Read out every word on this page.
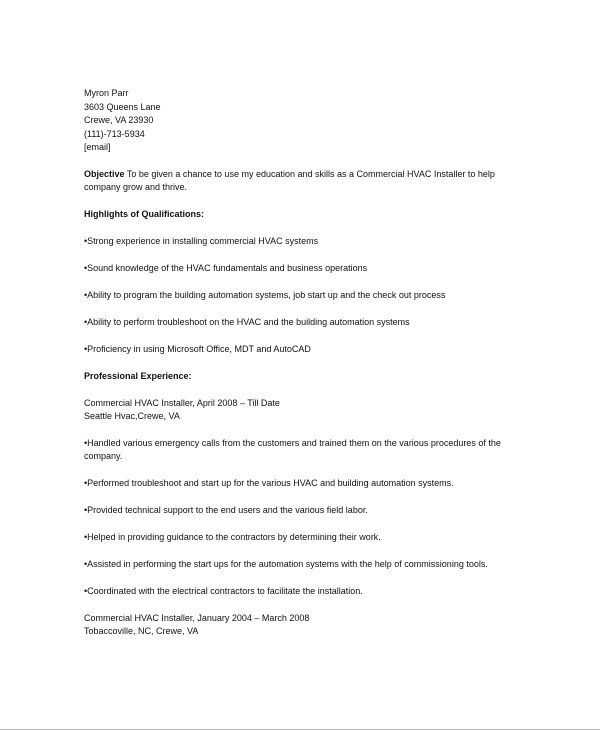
Myron Parr
3603 Queens Lane
Crewe, VA 23930
(111)-713-5934
[email]

Objective To be given a chance to use my education and skills as a Commercial HVAC Installer to help company grow and thrive.

Highlights of Qualifications:

•Strong experience in installing commercial HVAC systems

•Sound knowledge of the HVAC fundamentals and business operations

•Ability to program the building automation systems, job start up and the check out process

•Ability to perform troubleshoot on the HVAC and the building automation systems

•Proficiency in using Microsoft Office, MDT and AutoCAD

Professional Experience:

Commercial HVAC Installer, April 2008 – Till Date
Seattle Hvac,Crewe, VA

•Handled various emergency calls from the customers and trained them on the various procedures of the company.

•Performed troubleshoot and start up for the various HVAC and building automation systems.

•Provided technical support to the end users and the various field labor.

•Helped in providing guidance to the contractors by determining their work.

•Assisted in performing the start ups for the automation systems with the help of commissioning tools.

•Coordinated with the electrical contractors to facilitate the installation.

Commercial HVAC Installer, January 2004 – March 2008
Tobaccoville, NC, Crewe, VA
